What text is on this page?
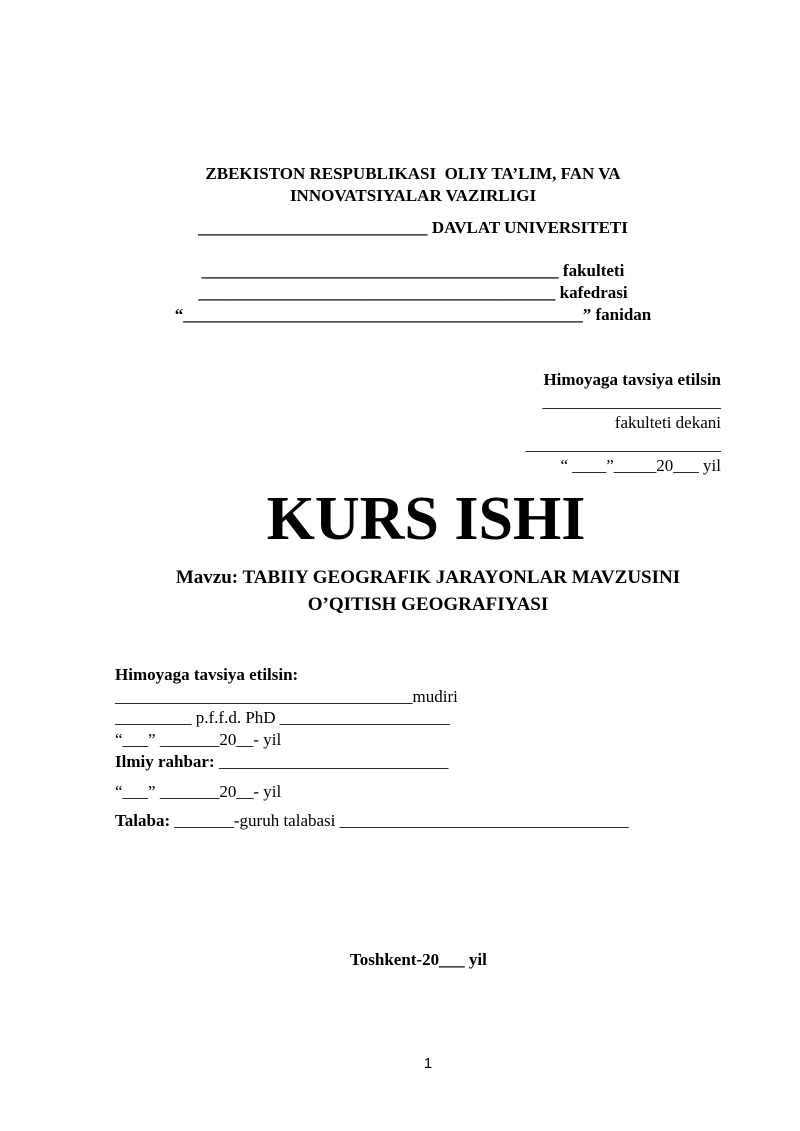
ZBEKISTON RESPUBLIKASI  OLIY TA’LIM, FAN VA
INNOVATSIYALAR VAZIRLIGI
___________________________ DAVLAT UNIVERSITETI
__________________________________________ fakulteti
__________________________________________ kafedrasi
“_______________________________________________” fanidan
Himoyaga tavsiya etilsin
_____________________
fakulteti dekani
_______________________
“ ____”_____20___ yil
KURS ISHI
Mavzu: TABIIY GEOGRAFIK JARAYONLAR MAVZUSINI
O’QITISH GEOGRAFIYASI
Himoyaga tavsiya etilsin:
___________________________________mudiri
_________ p.f.f.d. PhD ____________________
“___” _______20__- yil
Ilmiy rahbar: ___________________________
“___” _______20__- yil
Talaba: _______-guruh talabasi __________________________________
Toshkent-20___ yil
1
